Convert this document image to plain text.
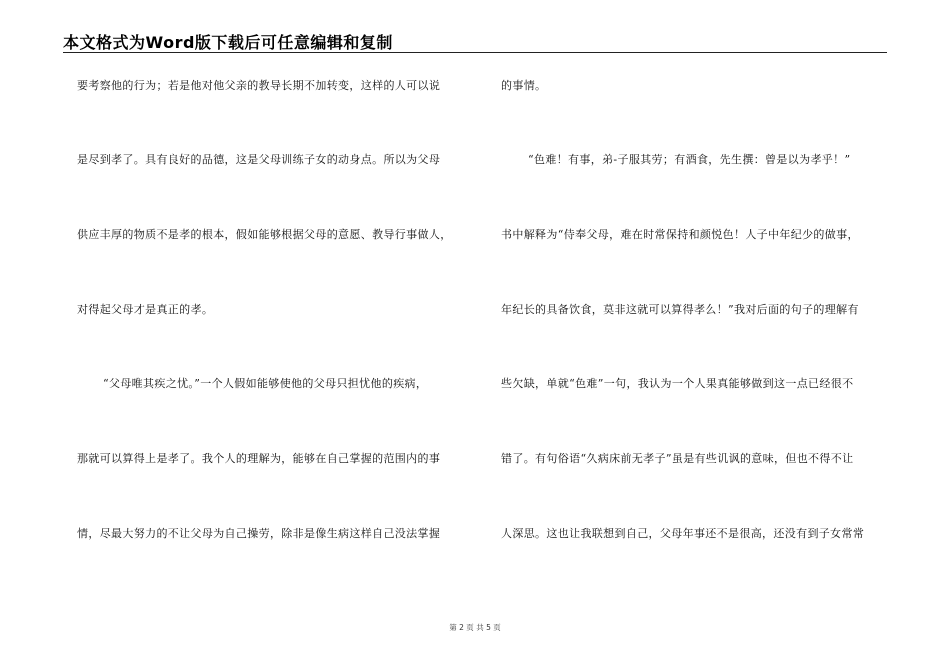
本文格式为Word版下载后可任意编辑和复制
要考察他的行为；若是他对他父亲的教导长期不加转变，这样的人可以说
是尽到孝了。具有良好的品德，这是父母训练子女的动身点。所以为父母
供应丰厚的物质不是孝的根本，假如能够根据父母的意愿、教导行事做人，
对得起父母才是真正的孝。
“父母唯其疾之忧。”一个人假如能够使他的父母只担忧他的疾病，
那就可以算得上是孝了。我个人的理解为，能够在自己掌握的范围内的事
情，尽最大努力的不让父母为自己操劳，除非是像生病这样自己没法掌握
的事情。
“色难！有事，弟-子服其劳；有酒食，先生撰：曾是以为孝乎！”
书中解释为“侍奉父母，难在时常保持和颜悦色！人子中年纪少的做事，
年纪长的具备饮食，莫非这就可以算得孝么！”我对后面的句子的理解有
些欠缺，单就“色难”一句，我认为一个人果真能够做到这一点已经很不
错了。有句俗语“久病床前无孝子”虽是有些讥讽的意味，但也不得不让
人深思。这也让我联想到自己，父母年事还不是很高，还没有到子女常常
第 2 页 共 5 页
